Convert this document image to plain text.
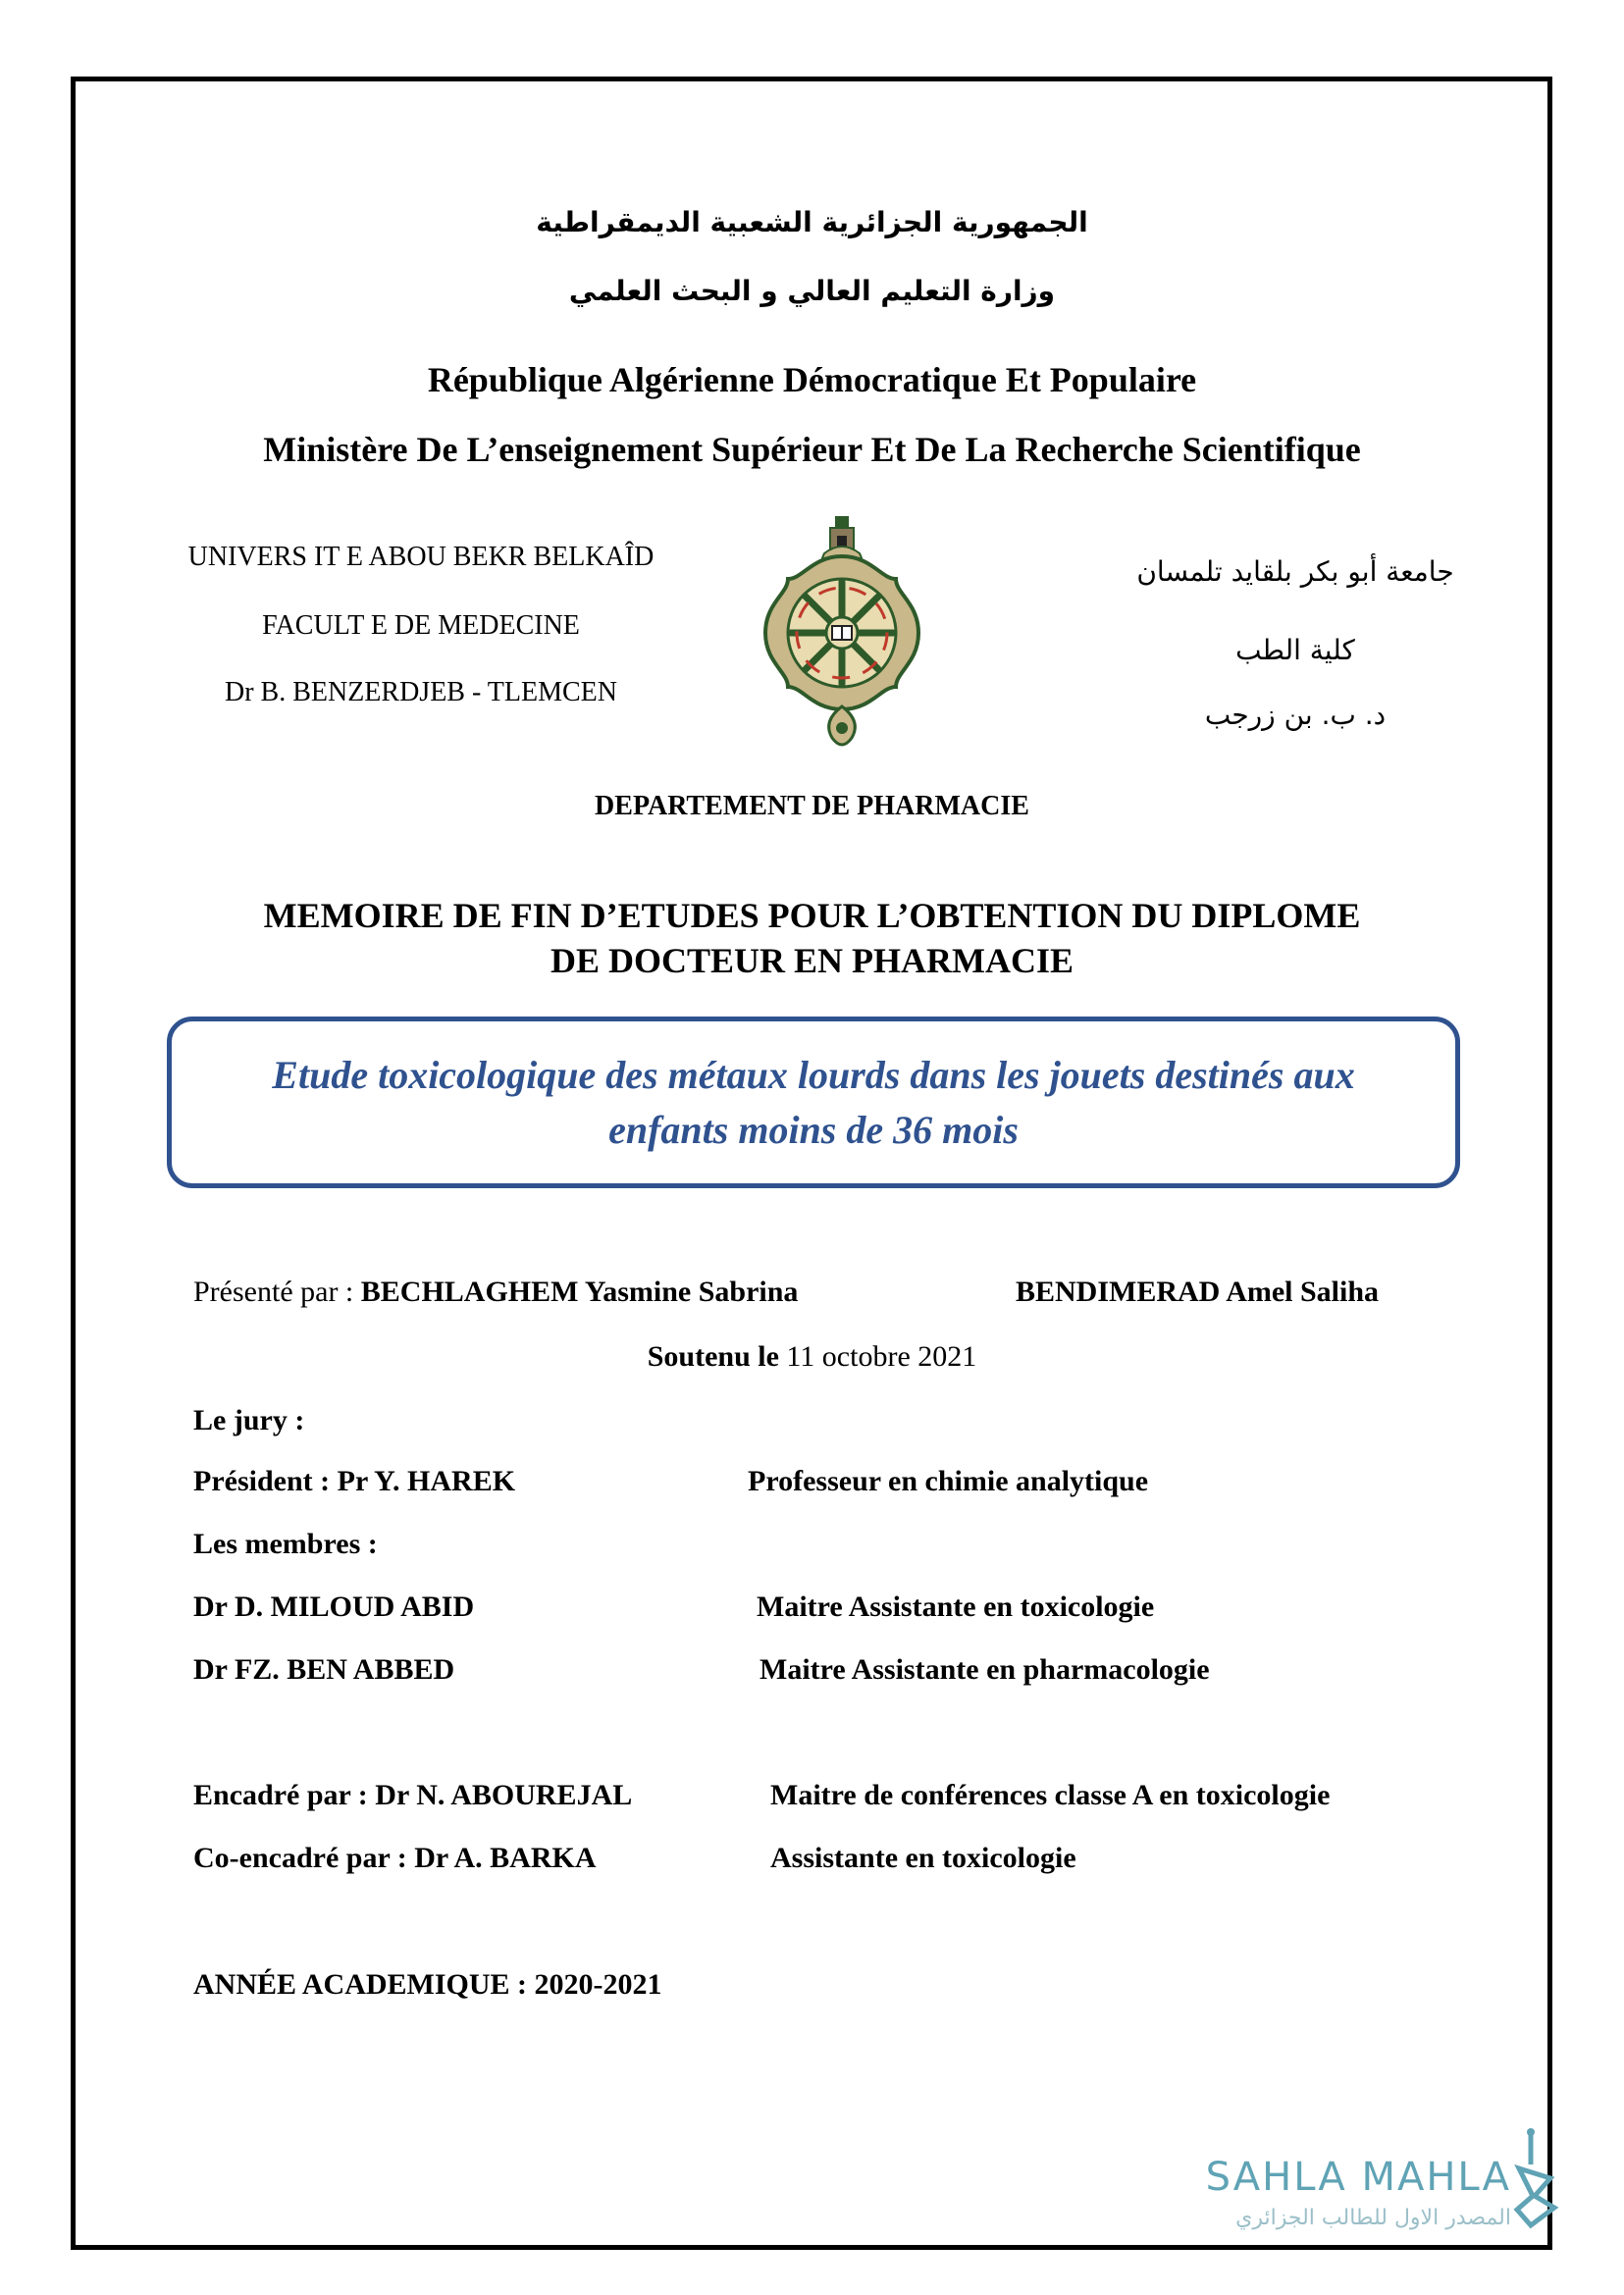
الجمهورية الجزائرية الشعبية الديمقراطية
وزارة التعليم العالي و البحث العلمي
République Algérienne Démocratique Et Populaire
Ministère De L’enseignement Supérieur Et De La Recherche Scientifique
UNIVERS IT E ABOU BEKR BELKAÎD
FACULT E DE MEDECINE
Dr B. BENZERDJEB - TLEMCEN
جامعة أبو بكر بلقايد تلمسان
كلية الطب
د. ب. بن زرجب
DEPARTEMENT DE PHARMACIE
MEMOIRE DE FIN D’ETUDES POUR L’OBTENTION DU DIPLOME
DE DOCTEUR EN PHARMACIE
Etude toxicologique des métaux lourds dans les jouets destinés aux
enfants moins de 36 mois
Présenté par : BECHLAGHEM Yasmine Sabrina	BENDIMERAD Amel Saliha
Soutenu le 11 octobre 2021
Le jury :
Président : Pr Y. HAREK	Professeur en chimie analytique
Les membres :
Dr D. MILOUD ABID	Maitre Assistante en toxicologie
Dr FZ. BEN ABBED	Maitre Assistante en pharmacologie
Encadré par : Dr N. ABOUREJAL	Maitre de conférences classe A en toxicologie
Co-encadré par : Dr A. BARKA	Assistante en toxicologie
ANNÉE ACADEMIQUE : 2020-2021
SAHLA MAHLA
المصدر الاول للطالب الجزائري
